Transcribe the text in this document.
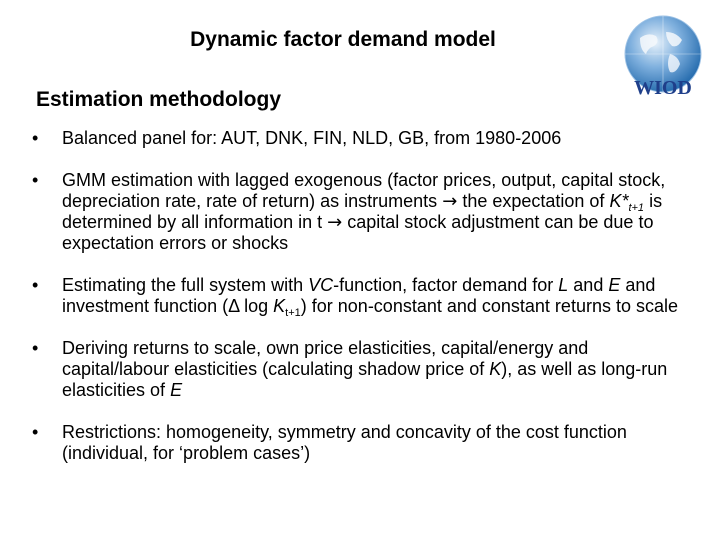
Dynamic factor demand model
Estimation methodology	WIOD
• Balanced panel for: AUT, DNK, FIN, NLD, GB, from 1980-2006
• GMM estimation with lagged exogenous (factor prices, output, capital stock, depreciation rate, rate of return) as instruments → the expectation of $K*_{t+1}$ is determined by all information in t → capital stock adjustment can be due to expectation errors or shocks
• Estimating the full system with VC-function, factor demand for L and E and investment function (Δ $\log K_{t+1}$) for non-constant and constant returns to scale
• Deriving returns to scale, own price elasticities, capital/energy and capital/labour elasticities (calculating shadow price of K), as well as long-run elasticities of E
• Restrictions: homogeneity, symmetry and concavity of the cost function (individual, for ‘problem cases’)
